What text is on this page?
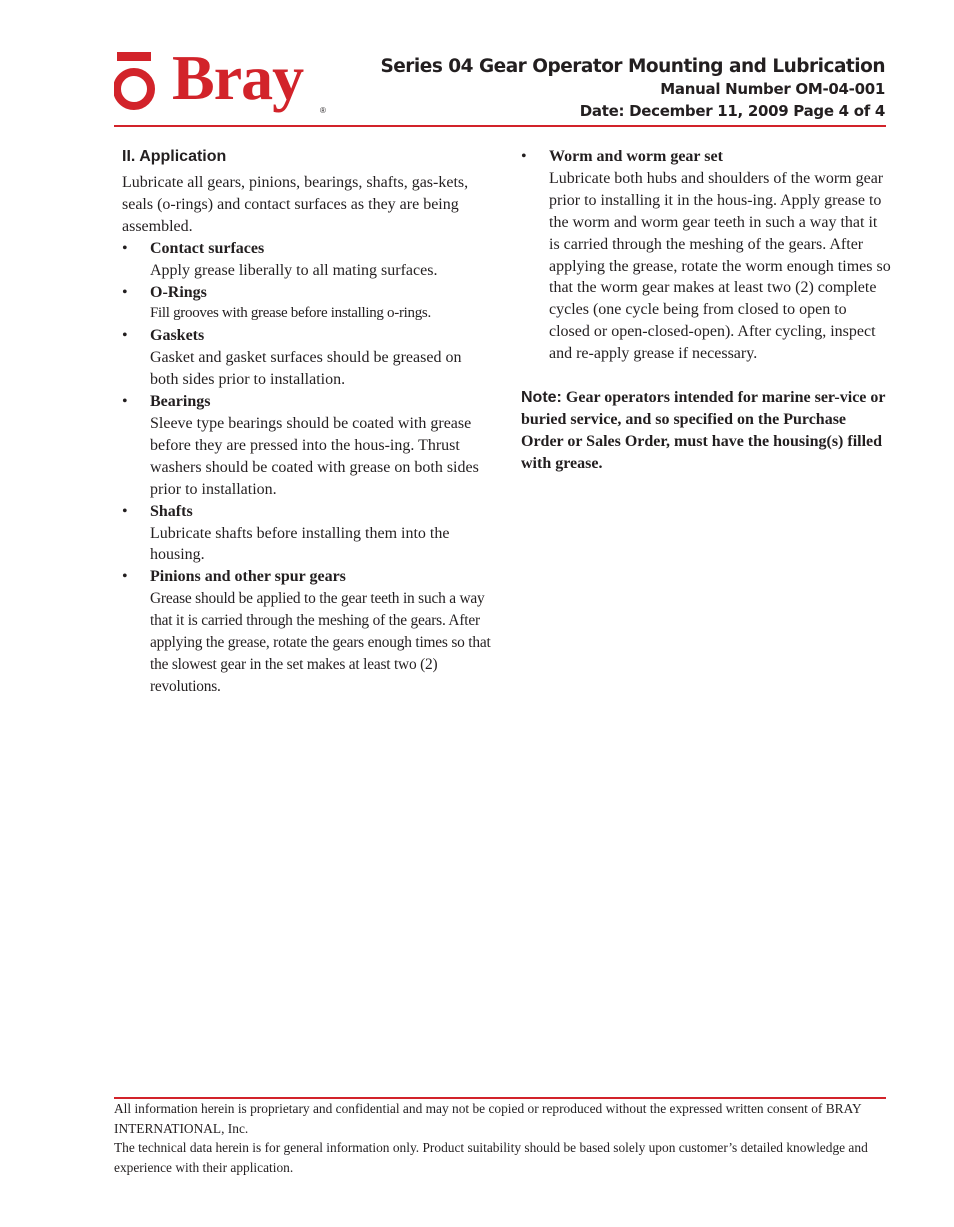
Bray ®
Series 04 Gear Operator Mounting and Lubrication
Manual Number OM-04-001
Date: December 11, 2009 Page 4 of 4
II. Application

Lubricate all gears, pinions, bearings, shafts, gas-kets, seals (o-rings) and contact surfaces as they are being assembled.

• Contact surfaces
Apply grease liberally to all mating surfaces.
• O-Rings
Fill grooves with grease before installing o-rings.
• Gaskets
Gasket and gasket surfaces should be greased on both sides prior to installation.
• Bearings
Sleeve type bearings should be coated with grease before they are pressed into the hous-ing. Thrust washers should be coated with grease on both sides prior to installation.
• Shafts
Lubricate shafts before installing them into the housing.
• Pinions and other spur gears
Grease should be applied to the gear teeth in such a way that it is carried through the meshing of the gears. After applying the grease, rotate the gears enough times so that the slowest gear in the set makes at least two (2) revolutions.
• Worm and worm gear set
Lubricate both hubs and shoulders of the worm gear prior to installing it in the hous-ing. Apply grease to the worm and worm gear teeth in such a way that it is carried through the meshing of the gears. After applying the grease, rotate the worm enough times so that the worm gear makes at least two (2) complete cycles (one cycle being from closed to open to closed or open-closed-open). After cycling, inspect and re-apply grease if necessary.

Note: Gear operators intended for marine ser-vice or buried service, and so specified on the Purchase Order or Sales Order, must have the housing(s) filled with grease.

All information herein is proprietary and confidential and may not be copied or reproduced without the expressed written consent of BRAY INTERNATIONAL, Inc.

The technical data herein is for general information only. Product suitability should be based solely upon customer’s detailed knowledge and experience with their application.
